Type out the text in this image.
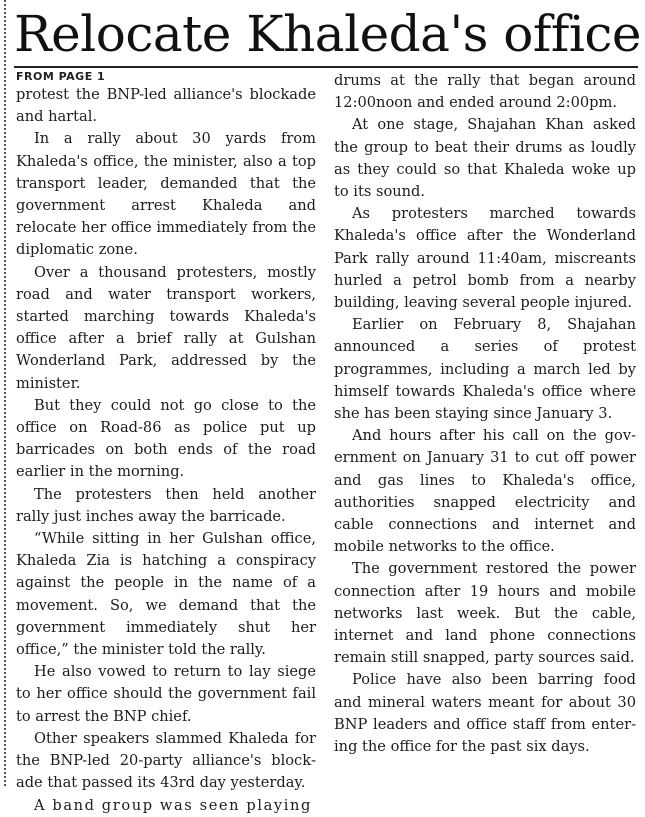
Relocate Khaleda's office
FROM PAGE 1

protest the BNP-led alliance's blockade and hartal.

In a rally about 30 yards from Khaleda's office, the minister, also a top transport leader, demanded that the government arrest Khaleda and relocate her office immediately from the diplomatic zone.

Over a thousand protesters, mostly road and water transport workers, started marching towards Khaleda's office after a brief rally at Gulshan Wonderland Park, addressed by the minister.

But they could not go close to the office on Road-86 as police put up barricades on both ends of the road earlier in the morning.

The protesters then held another rally just inches away the barricade.

“While sitting in her Gulshan office, Khaleda Zia is hatching a conspiracy against the people in the name of a movement. So, we demand that the government immediately shut her office,” the minister told the rally.

He also vowed to return to lay siege to her office should the government fail to arrest the BNP chief.

Other speakers slammed Khaleda for the BNP-led 20-party alliance's blockade that passed its 43rd day yesterday.

A band group was seen playing

drums at the rally that began around 12:00noon and ended around 2:00pm.

At one stage, Shajahan Khan asked the group to beat their drums as loudly as they could so that Khaleda woke up to its sound.

As protesters marched towards Khaleda's office after the Wonderland Park rally around 11:40am, miscreants hurled a petrol bomb from a nearby building, leaving several people injured.

Earlier on February 8, Shajahan announced a series of protest programmes, including a march led by himself towards Khaleda's office where she has been staying since January 3.

And hours after his call on the government on January 31 to cut off power and gas lines to Khaleda's office, authorities snapped electricity and cable connections and internet and mobile networks to the office.

The government restored the power connection after 19 hours and mobile networks last week. But the cable, internet and land phone connections remain still snapped, party sources said.

Police have also been barring food and mineral waters meant for about 30 BNP leaders and office staff from entering the office for the past six days.
